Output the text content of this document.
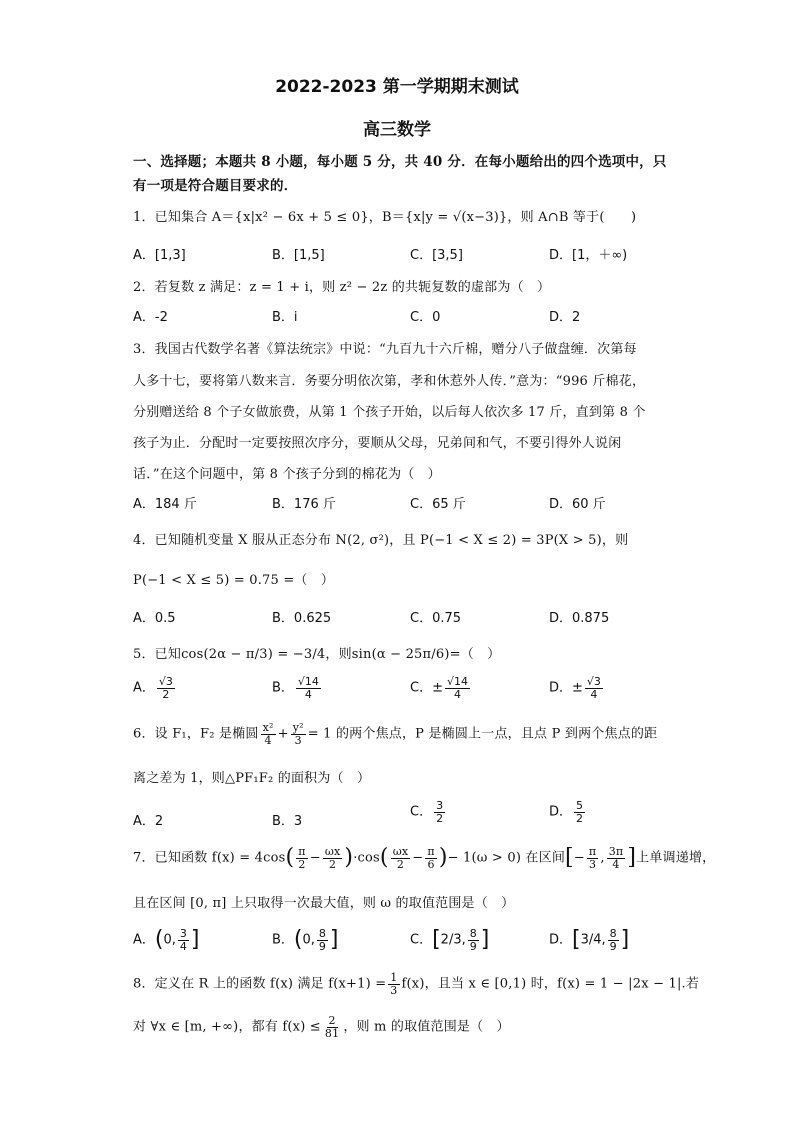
2022-2023 第一学期期末测试
高三数学
一、选择题；本题共 8 小题，每小题 5 分，共 40 分．在每小题给出的四个选项中，只
有一项是符合题目要求的．
1．已知集合 A＝{x|x² − 6x + 5 ≤ 0}，B＝{x|y = √(x−3)}，则 A∩B 等于(　　)
A．[1,3]	B．[1,5]	C．[3,5]	D．[1，＋∞)
2．若复数 z 满足：z = 1 + i，则 z² − 2z 的共轭复数的虚部为（　）
A．-2	B．i	C．0	D．2
3．我国古代数学名著《算法统宗》中说：“九百九十六斤棉，赠分八子做盘缠．次第每
人多十七，要将第八数来言．务要分明依次第，孝和休惹外人传．”意为：“996 斤棉花，
分别赠送给 8 个子女做旅费，从第 1 个孩子开始，以后每人依次多 17 斤，直到第 8 个
孩子为止．分配时一定要按照次序分，要顺从父母，兄弟间和气，不要引得外人说闲
话．”在这个问题中，第 8 个孩子分到的棉花为（　）
A．184 斤	B．176 斤	C．65 斤	D．60 斤
4．已知随机变量 X 服从正态分布 N(2, σ²)，且 P(−1 < X ≤ 2) = 3P(X > 5)，则
P(−1 < X ≤ 5) = 0.75 =（　）
A．0.5	B．0.625	C．0.75	D．0.875
5．已知cos(2α − π/3) = −3/4，则sin(α − 25π/6)=（　）
A． $\frac{√3}{2}$	B． $\frac{√14}{4}$	C．± $\frac{√14}{4}$	D．± $\frac{√3}{4}$
6．设 F₁，F₂ 是椭圆 $\frac{\text{x²}}{4} + \frac{\text{y²}}{3} = 1$ 的两个焦点，P 是椭圆上一点，且点 P 到两个焦点的距
离之差为 1，则△PF₁F₂ 的面积为（　）
A．2	B．3
C． $\frac{3}{2}$	D． $\frac{5}{2}$
7．已知函数 $f(x) = 4\cos( \frac{\pi}{2} - \frac{\omega x}{2} )\cdot\cos( \frac{\omega x}{2} - \frac{\pi}{6}$ )− 1(ω > 0) 在区间[− $\frac{\pi}{3}$ , $\frac{3\pi}{4}$ ]上单调递增，
且在区间 [0, π] 上只取得一次最大值，则 ω 的取值范围是（　）
A．(0, $\frac{3}{4}$ ]	B．(0, $\frac{8}{9}$ ]	C．[2/3, $\frac{8}{9}$ ]	D．[3/4, $\frac{8}{9}$ ]
8．定义在 R 上的函数 f(x) 满足 $f(x+1) = \frac{1}{3} f(x)$，且当 x ∈ [0,1) 时，f(x) = 1 − |2x − 1|.若
对 ∀x ∈ [m, +∞)，都有 $f(x) \le \frac{2}{81}$ ，则 m 的取值范围是（　）
